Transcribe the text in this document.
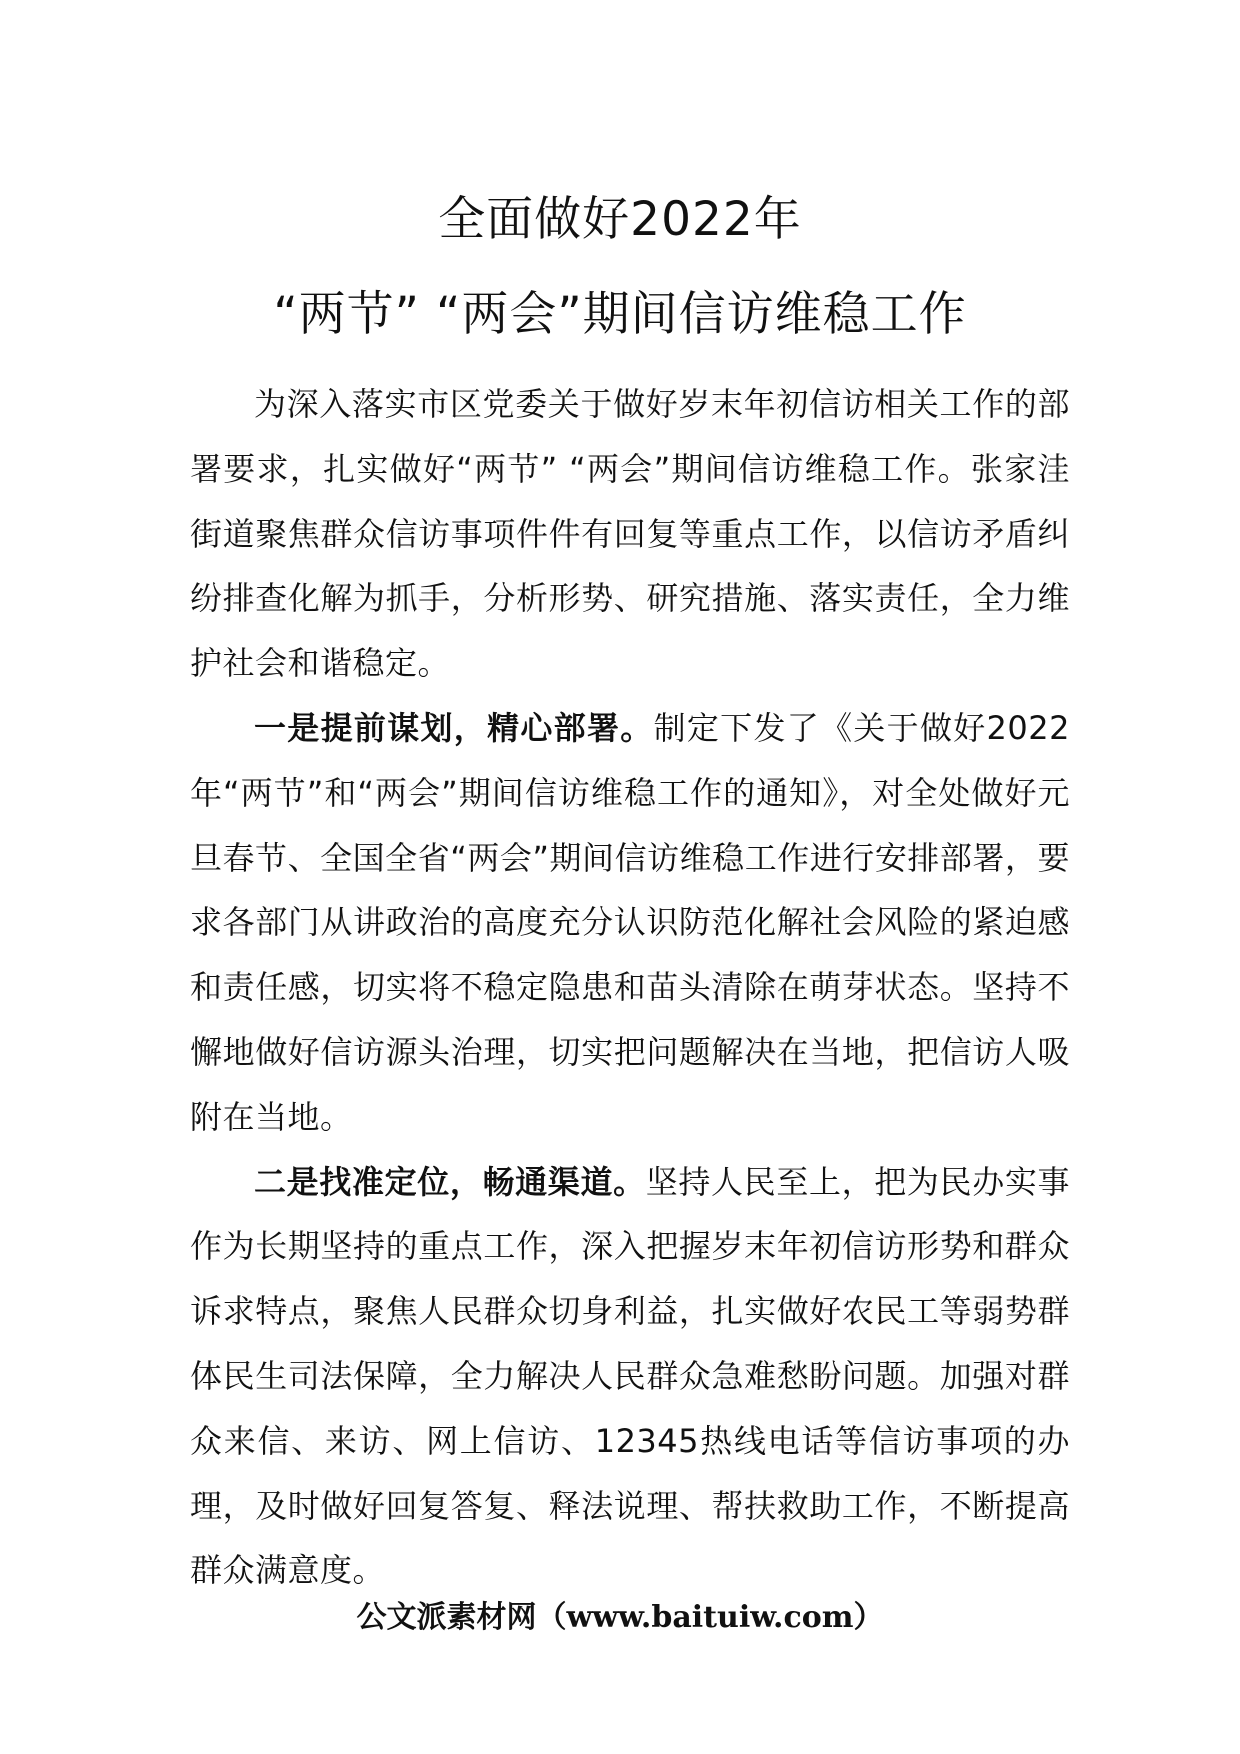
全面做好2022年
“两节” “两会”期间信访维稳工作

为深入落实市区党委关于做好岁末年初信访相关工作的部署要求，扎实做好“两节” “两会”期间信访维稳工作。张家洼街道聚焦群众信访事项件件有回复等重点工作，以信访矛盾纠纷排查化解为抓手，分析形势、研究措施、落实责任，全力维护社会和谐稳定。

一是提前谋划，精心部署。制定下发了《关于做好2022年“两节”和“两会”期间信访维稳工作的通知》，对全处做好元旦春节、全国全省“两会”期间信访维稳工作进行安排部署，要求各部门从讲政治的高度充分认识防范化解社会风险的紧迫感和责任感，切实将不稳定隐患和苗头清除在萌芽状态。坚持不懈地做好信访源头治理，切实把问题解决在当地，把信访人吸附在当地。

二是找准定位，畅通渠道。坚持人民至上，把为民办实事作为长期坚持的重点工作，深入把握岁末年初信访形势和群众诉求特点，聚焦人民群众切身利益，扎实做好农民工等弱势群体民生司法保障，全力解决人民群众急难愁盼问题。加强对群众来信、来访、网上信访、12345热线电话等信访事项的办理，及时做好回复答复、释法说理、帮扶救助工作，不断提高群众满意度。

公文派素材网（www.baituiw.com）
